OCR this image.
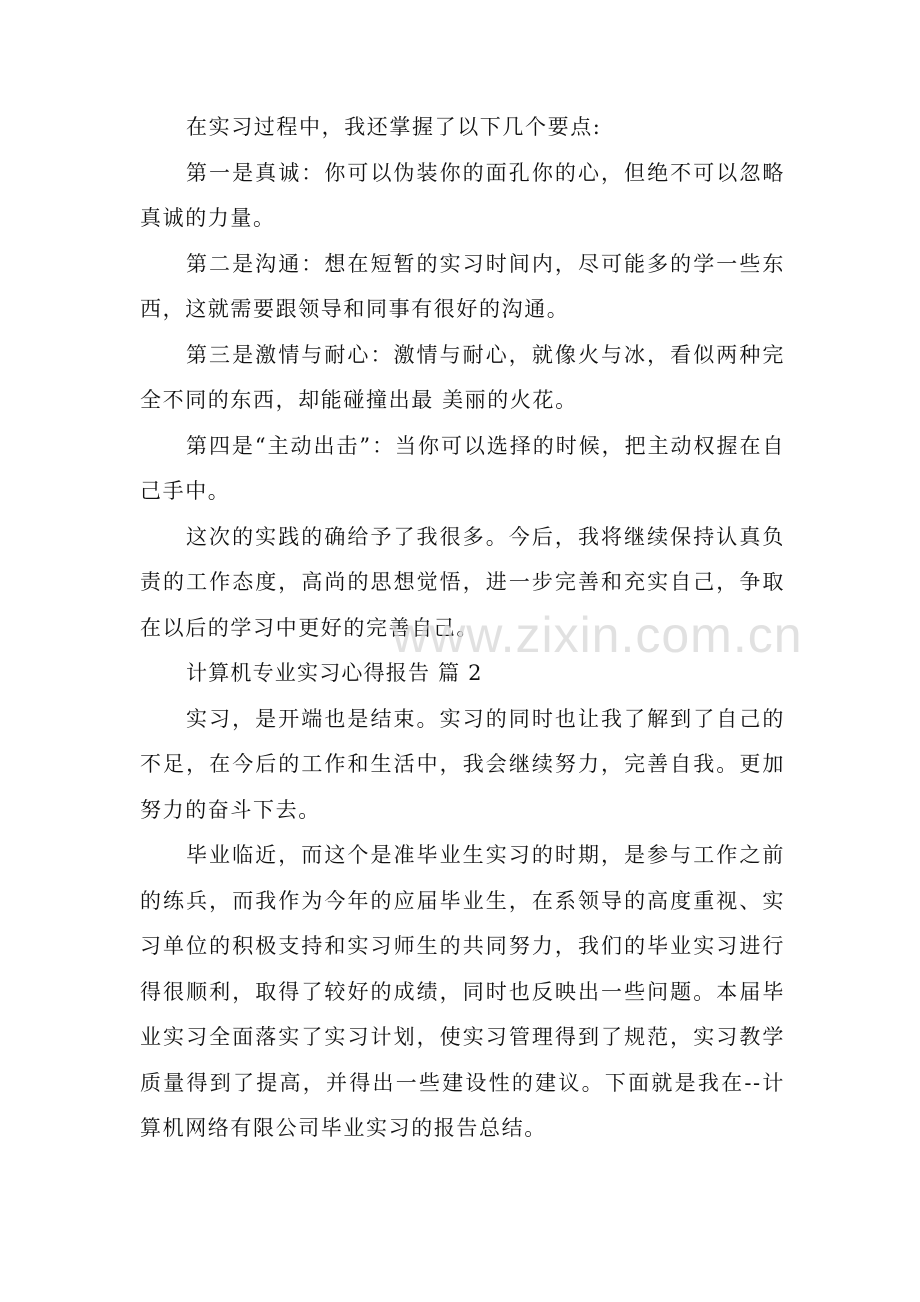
在实习过程中，我还掌握了以下几个要点:

第一是真诚：你可以伪装你的面孔你的心，但绝不可以忽略真诚的力量。

第二是沟通：想在短暂的实习时间内，尽可能多的学一些东西，这就需要跟领导和同事有很好的沟通。

第三是激情与耐心：激情与耐心，就像火与冰，看似两种完全不同的东西，却能碰撞出最 美丽的火花。

第四是“主动出击”：当你可以选择的时候，把主动权握在自己手中。

这次的实践的确给予了我很多。今后，我将继续保持认真负责的工作态度，高尚的思想觉悟，进一步完善和充实自己，争取在以后的学习中更好的完善自己。

计算机专业实习心得报告 篇 2

实习，是开端也是结束。实习的同时也让我了解到了自己的不足，在今后的工作和生活中，我会继续努力，完善自我。更加努力的奋斗下去。

毕业临近，而这个是准毕业生实习的时期，是参与工作之前的练兵，而我作为今年的应届毕业生，在系领导的高度重视、实习单位的积极支持和实习师生的共同努力，我们的毕业实习进行得很顺利，取得了较好的成绩，同时也反映出一些问题。本届毕业实习全面落实了实习计划，使实习管理得到了规范，实习教学质量得到了提高，并得出一些建设性的建议。下面就是我在--计算机网络有限公司毕业实习的报告总结。

www.zixin.com.cn
